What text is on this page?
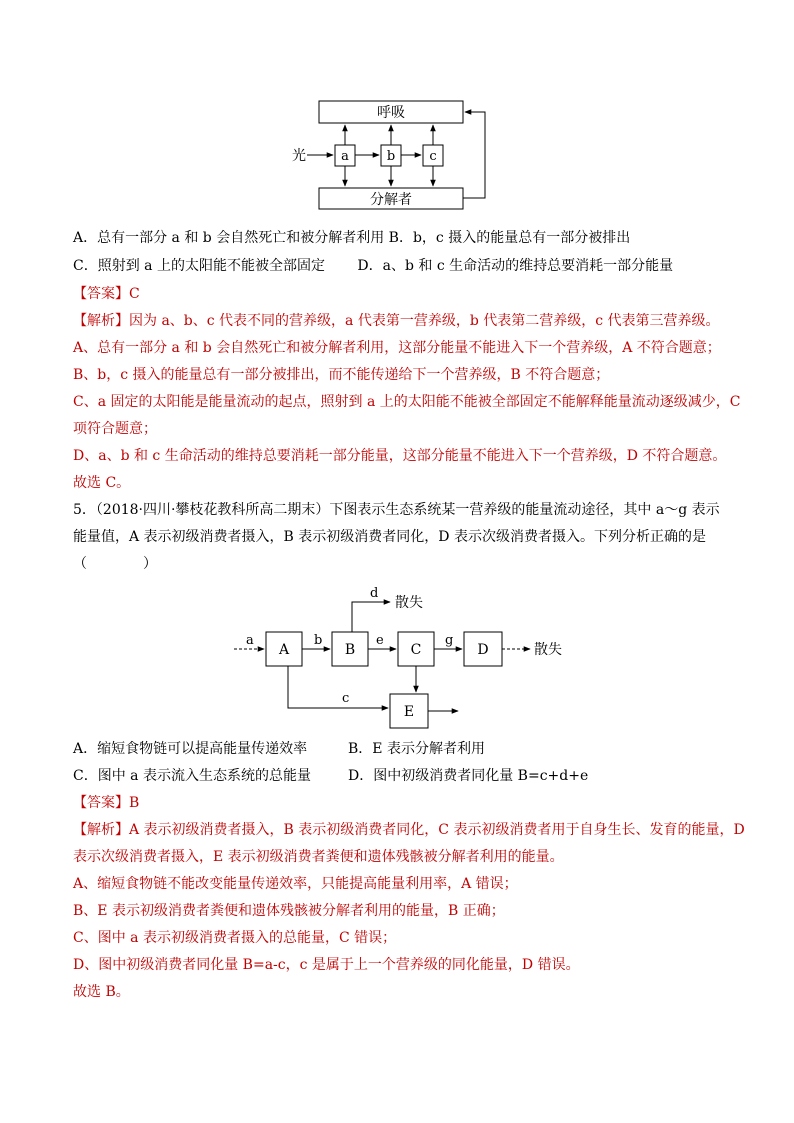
呼吸
分解者
光	a	b	c
A．总有一部分 a 和 b 会自然死亡和被分解者利用 B．b，c 摄入的能量总有一部分被排出
C．照射到 a 上的太阳能不能被全部固定　　 D．a、b 和 c 生命活动的维持总要消耗一部分能量
【答案】C
【解析】因为 a、b、c 代表不同的营养级，a 代表第一营养级，b 代表第二营养级，c 代表第三营养级。
A、总有一部分 a 和 b 会自然死亡和被分解者利用，这部分能量不能进入下一个营养级，A 不符合题意；
B、b，c 摄入的能量总有一部分被排出，而不能传递给下一个营养级，B 不符合题意；
C、a 固定的太阳能是能量流动的起点，照射到 a 上的太阳能不能被全部固定不能解释能量流动逐级减少，C
项符合题意；
D、a、b 和 c 生命活动的维持总要消耗一部分能量，这部分能量不能进入下一个营养级，D 不符合题意。
故选 C。
5．（2018·四川·攀枝花教科所高二期末）下图表示生态系统某一营养级的能量流动途径，其中 a～g 表示
能量值，A 表示初级消费者摄入，B 表示初级消费者同化，D 表示次级消费者摄入。下列分析正确的是
（　　　　）
a
A
b
B
d
散失
e
C
g
D	散失
c
E
A．缩短食物链可以提高能量传递效率	B．E 表示分解者利用
C．图中 a 表示流入生态系统的总能量	D．图中初级消费者同化量 B=c+d+e
【答案】B
【解析】A 表示初级消费者摄入，B 表示初级消费者同化，C 表示初级消费者用于自身生长、发育的能量，D
表示次级消费者摄入，E 表示初级消费者粪便和遗体残骸被分解者利用的能量。
A、缩短食物链不能改变能量传递效率，只能提高能量利用率，A 错误；
B、E 表示初级消费者粪便和遗体残骸被分解者利用的能量，B 正确；
C、图中 a 表示初级消费者摄入的总能量，C 错误；
D、图中初级消费者同化量 B=a-c，c 是属于上一个营养级的同化能量，D 错误。
故选 B。
